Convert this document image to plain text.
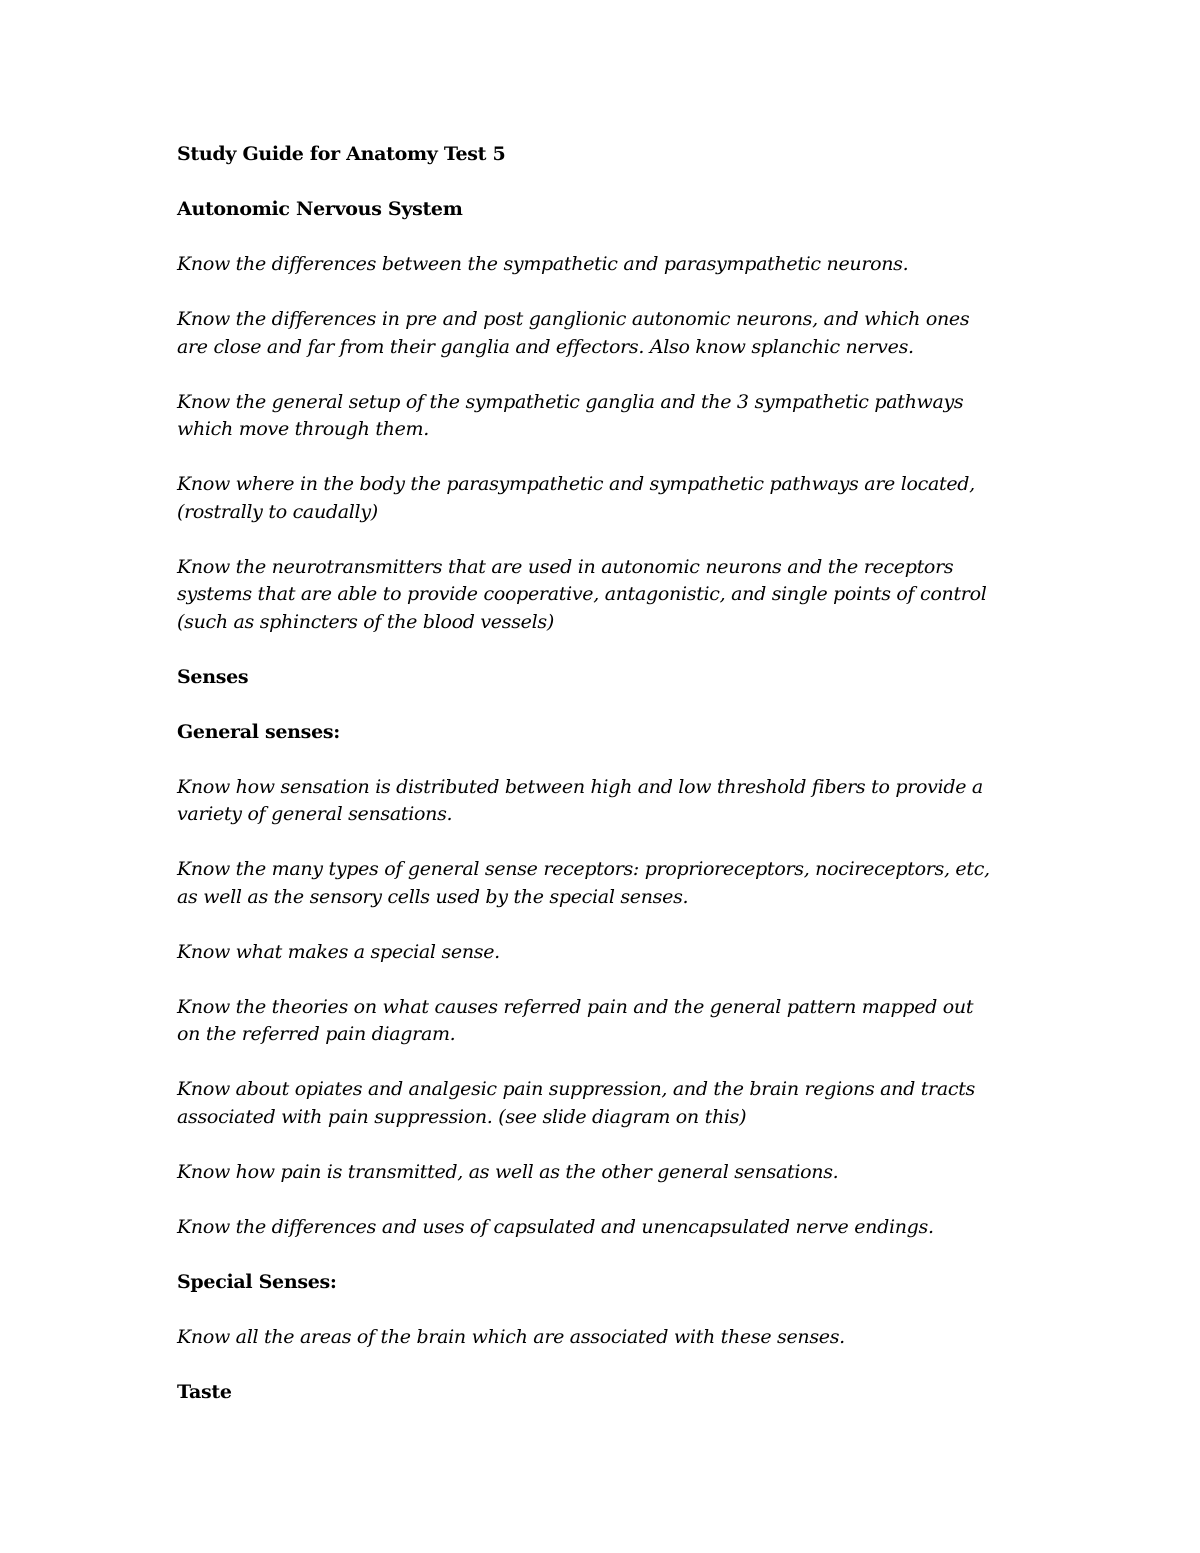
Study Guide for Anatomy Test 5

Autonomic Nervous System

Know the differences between the sympathetic and parasympathetic neurons.

Know the differences in pre and post ganglionic autonomic neurons, and which ones

are close and far from their ganglia and effectors. Also know splanchic nerves.

Know the general setup of the sympathetic ganglia and the 3 sympathetic pathways

which move through them.

Know where in the body the parasympathetic and sympathetic pathways are located,

(rostrally to caudally)

Know the neurotransmitters that are used in autonomic neurons and the receptors

systems that are able to provide cooperative, antagonistic, and single points of control

(such as sphincters of the blood vessels)

Senses

General senses:

Know how sensation is distributed between high and low threshold fibers to provide a

variety of general sensations.

Know the many types of general sense receptors: proprioreceptors, nocireceptors, etc,

as well as the sensory cells used by the special senses.

Know what makes a special sense.

Know the theories on what causes referred pain and the general pattern mapped out

on the referred pain diagram.

Know about opiates and analgesic pain suppression, and the brain regions and tracts

associated with pain suppression. (see slide diagram on this)

Know how pain is transmitted, as well as the other general sensations.

Know the differences and uses of capsulated and unencapsulated nerve endings.

Special Senses:

Know all the areas of the brain which are associated with these senses.

Taste
